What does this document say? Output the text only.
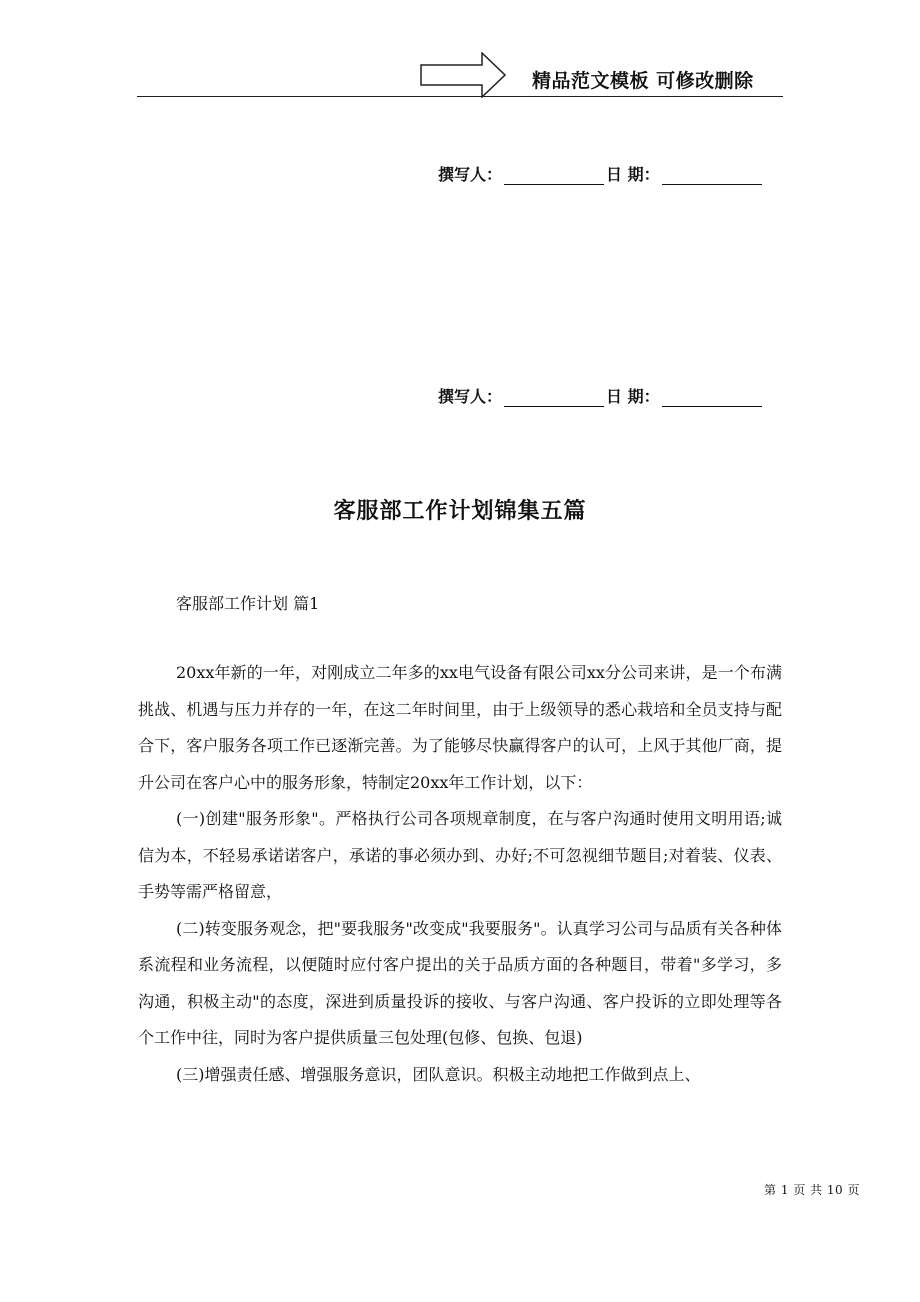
精品范文模板 可修改删除
撰写人：	日 期：
撰写人：	日 期：
客服部工作计划锦集五篇
客服部工作计划 篇1

20xx年新的一年，对刚成立二年多的xx电气设备有限公司xx分公司来讲，是一个布满挑战、机遇与压力并存的一年，在这二年时间里，由于上级领导的悉心栽培和全员支持与配合下，客户服务各项工作已逐渐完善。为了能够尽快赢得客户的认可，上风于其他厂商，提升公司在客户心中的服务形象，特制定20xx年工作计划，以下：

(一)创建"服务形象"。严格执行公司各项规章制度，在与客户沟通时使用文明用语;诚信为本，不轻易承诺诺客户，承诺的事必须办到、办好;不可忽视细节题目;对着装、仪表、手势等需严格留意，

(二)转变服务观念，把"要我服务"改变成"我要服务"。认真学习公司与品质有关各种体系流程和业务流程，以便随时应付客户提出的关于品质方面的各种题目，带着"多学习，多沟通，积极主动"的态度，深进到质量投诉的接收、与客户沟通、客户投诉的立即处理等各个工作中往，同时为客户提供质量三包处理(包修、包换、包退)

(三)增强责任感、增强服务意识，团队意识。积极主动地把工作做到点上、

第 1 页 共 10 页
